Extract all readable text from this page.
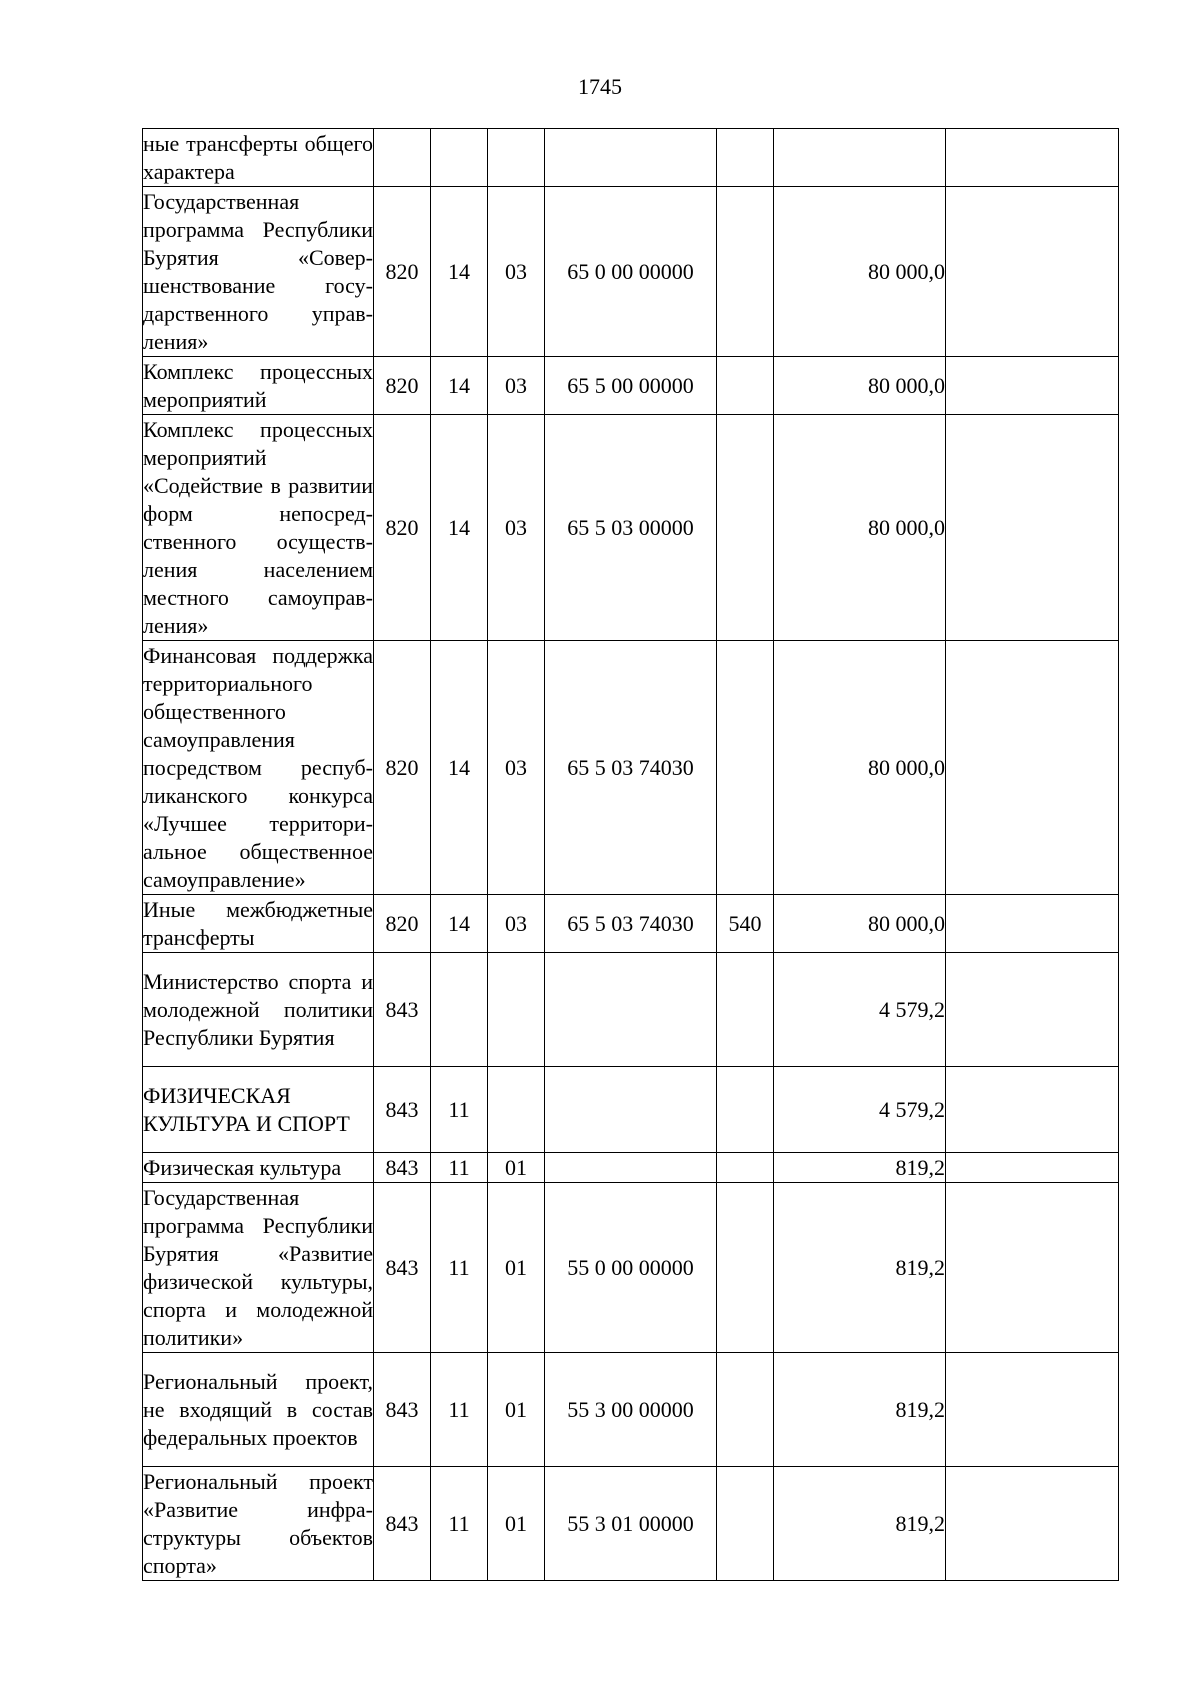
1745
ные трансферты общего характера							
Государственная программа Республики Бурятия «Совершенствование государственного управления»	820	14	03	65 0 00 00000		80 000,0	
Комплекс процессных мероприятий	820	14	03	65 5 00 00000		80 000,0	
Комплекс процессных мероприятий «Содействие в развитии форм непосредственного осуществления населением местного самоуправления»	820	14	03	65 5 03 00000		80 000,0	
Финансовая поддержка территориального общественного самоуправления посредством республиканского конкурса «Лучшее территориальное общественное самоуправление»	820	14	03	65 5 03 74030		80 000,0	
Иные межбюджетные трансферты	820	14	03	65 5 03 74030	540	80 000,0	
Министерство спорта и молодежной политики Республики Бурятия	843					4 579,2	
ФИЗИЧЕСКАЯ КУЛЬТУРА И СПОРТ	843	11				4 579,2	
Физическая культура	843	11	01			819,2	
Государственная программа Республики Бурятия «Развитие физической культуры, спорта и молодежной политики»	843	11	01	55 0 00 00000		819,2	
Региональный проект, не входящий в состав федеральных проектов	843	11	01	55 3 00 00000		819,2	
Региональный проект «Развитие инфраструктуры объектов спорта»	843	11	01	55 3 01 00000		819,2	
